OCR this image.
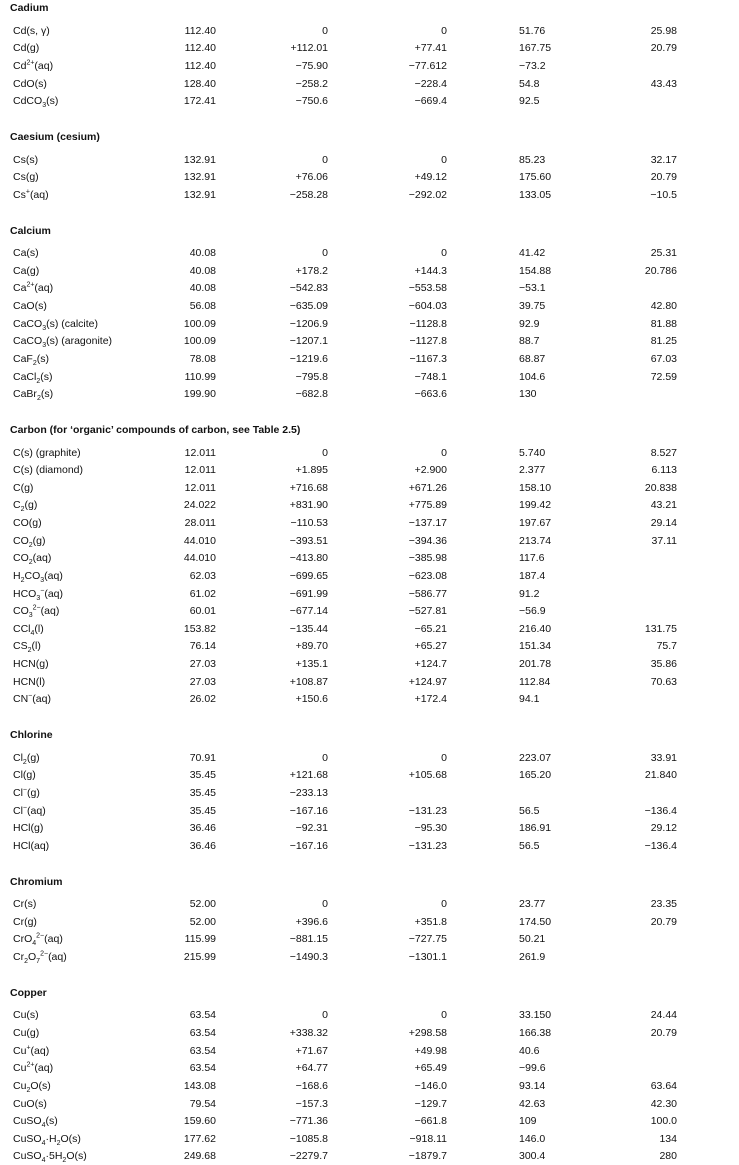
Cadium
Cd(s, γ)	112.40	0	0	51.76	25.98
Cd(g)	112.40	+112.01	+77.41	167.75	20.79
$Cd^{2+}(aq)$	112.40	−75.90	−77.612	−73.2
CdO(s)	128.40	−258.2	−228.4	54.8	43.43
CdCO$_3$(s)	172.41	−750.6	−669.4	92.5
Caesium (cesium)
Cs(s)	132.91	0	0	85.23	32.17
Cs(g)	132.91	+76.06	+49.12	175.60	20.79
Cs+(aq)	132.91	−258.28	−292.02	133.05	−10.5
Calcium
Ca(s)	40.08	0	0	41.42	25.31
Ca(g)	40.08	+178.2	+144.3	154.88	20.786
$Ca^{2+}(aq)$	40.08	−542.83	−553.58	−53.1
CaO(s)	56.08	−635.09	−604.03	39.75	42.80
CaCO$_3$(s) (calcite)	100.09	−1206.9	−1128.8	92.9	81.88
CaCO$_3$(s) (aragonite)	100.09	−1207.1	−1127.8	88.7	81.25
CaF$_2$(s)	78.08	−1219.6	−1167.3	68.87	67.03
CaCl$_2$(s)	110.99	−795.8	−748.1	104.6	72.59
CaBr$_2$(s)	199.90	−682.8	−663.6	130
Carbon (for ‘organic’ compounds of carbon, see Table 2.5)
C(s) (graphite)	12.011	0	0	5.740	8.527
C(s) (diamond)	12.011	+1.895	+2.900	2.377	6.113
C(g)	12.011	+716.68	+671.26	158.10	20.838
$C_2(g)$	24.022	+831.90	+775.89	199.42	43.21
CO(g)	28.011	−110.53	−137.17	197.67	29.14
$CO_2(g)$	44.010	−393.51	−394.36	213.74	37.11
$CO_2(aq)$	44.010	−413.80	−385.98	117.6
$H_2CO_3(aq)$	62.03	−699.65	−623.08	187.4
$HCO_3^-(aq)$	61.02	−691.99	−586.77	91.2
$CO_3^{2-}(aq)$	60.01	−677.14	−527.81	−56.9
CCl$_4$(l)	153.82	−135.44	−65.21	216.40	131.75
$CS_2(l)$	76.14	+89.70	+65.27	151.34	75.7
HCN(g)	27.03	+135.1	+124.7	201.78	35.86
HCN(l)	27.03	+108.87	+124.97	112.84	70.63
CN−(aq)	26.02	+150.6	+172.4	94.1
Chlorine
$Cl_2(g)$	70.91	0	0	223.07	33.91
Cl(g)	35.45	+121.68	+105.68	165.20	21.840
Cl−(g)	35.45	−233.13
Cl−(aq)	35.45	−167.16	−131.23	56.5	−136.4
HCl(g)	36.46	−92.31	−95.30	186.91	29.12
HCl(aq)	36.46	−167.16	−131.23	56.5	−136.4
Chromium
Cr(s)	52.00	0	0	23.77	23.35
Cr(g)	52.00	+396.6	+351.8	174.50	20.79
CrO$_4^{2-}$(aq)	115.99	−881.15	−727.75	50.21
$Cr_2O_7^{2-}(aq)$	215.99	−1490.3	−1301.1	261.9
Copper
Cu(s)	63.54	0	0	33.150	24.44
Cu(g)	63.54	+338.32	+298.58	166.38	20.79
Cu+(aq)	63.54	+71.67	+49.98	40.6
$Cu^{2+}(aq)$	63.54	+64.77	+65.49	−99.6
$Cu_2O(s)$	143.08	−168.6	−146.0	93.14	63.64
CuO(s)	79.54	−157.3	−129.7	42.63	42.30
CuSO$_4$(s)	159.60	−771.36	−661.8	109	100.0
$CuSO_4\cdot H_2O(s)$	177.62	−1085.8	−918.11	146.0	134
$CuSO_4\cdot 5H_2O(s)$	249.68	−2279.7	−1879.7	300.4	280
